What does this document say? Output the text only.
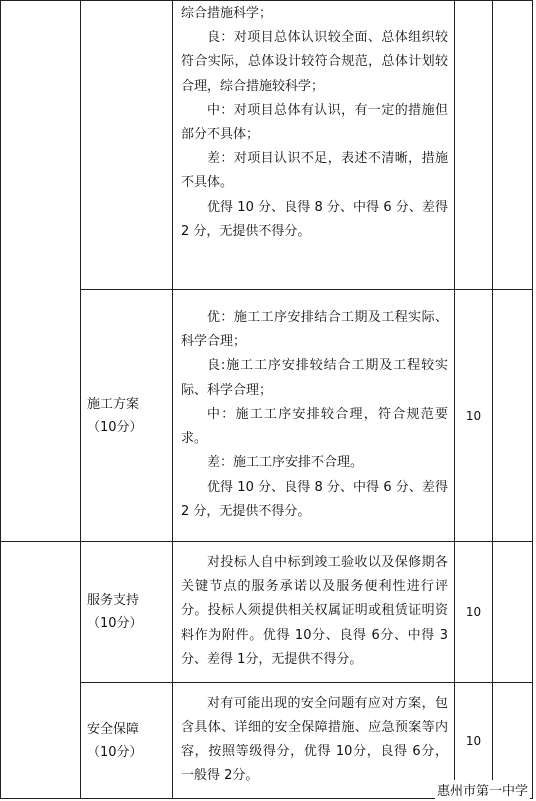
		综合措施科学；

良：对项目总体认识较全面、总体组织较符合实际，总体设计较符合规范，总体计划较合理，综合措施较科学；

中：对项目总体有认识，有一定的措施但部分不具体；

差：对项目认识不足，表述不清晰，措施不具体。

优得 10 分、良得 8 分、中得 6 分、差得 2 分，无提供不得分。		

	施工方案（10分）	优：施工工序安排结合工期及工程实际、科学合理；

良:施工工序安排较结合工期及工程较实际、科学合理；

中：施工工序安排较合理，符合规范要求。

差：施工工序安排不合理。

优得 10 分、良得 8 分、中得 6 分、差得 2 分，无提供不得分。	10	
	服务支持（10分）	对投标人自中标到竣工验收以及保修期各关键节点的服务承诺以及服务便利性进行评分。投标人须提供相关权属证明或租赁证明资料作为附件。优得 10分、良得 6分、中得 3分、差得 1分，无提供不得分。	10	
	安全保障（10分）	对有可能出现的安全问题有应对方案，包含具体、详细的安全保障措施、应急预案等内容，按照等级得分，优得 10分，良得 6分，一般得 2分。	10	
惠州市第一中学
